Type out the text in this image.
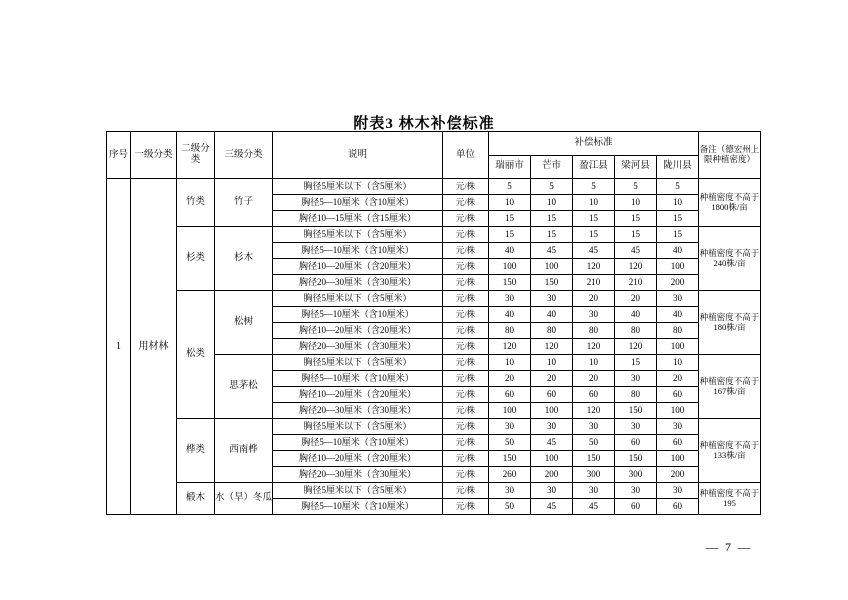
附表3 林木补偿标准
序号	一级分类	二级分类	三级分类	说明	单位	补偿标准					备注（德宏州上限种植密度）
						瑞丽市	芒市	盈江县	梁河县	陇川县	
1	用材林	竹类	竹子	胸径5厘米以下（含5厘米）	元/株	5	5	5	5	5	种植密度不高于1800株/亩
				胸径5—10厘米（含10厘米）	元/株	10	10	10	10	10	
				胸径10—15厘米（含15厘米）	元/株	15	15	15	15	15	
		杉类	杉木	胸径5厘米以下（含5厘米）	元/株	15	15	15	15	15	种植密度不高于240株/亩
				胸径5—10厘米（含10厘米）	元/株	40	45	45	45	40	
				胸径10—20厘米（含20厘米）	元/株	100	100	120	120	100	
				胸径20—30厘米（含30厘米）	元/株	150	150	210	210	200	
		松类	松树	胸径5厘米以下（含5厘米）	元/株	30	30	20	20	30	种植密度不高于180株/亩
				胸径5—10厘米（含10厘米）	元/株	40	40	30	40	40	
				胸径10—20厘米（含20厘米）	元/株	80	80	80	80	80	
				胸径20—30厘米（含30厘米）	元/株	120	120	120	120	100	
			思茅松	胸径5厘米以下（含5厘米）	元/株	10	10	10	15	10	种植密度不高于167株/亩
				胸径5—10厘米（含10厘米）	元/株	20	20	20	30	20	
				胸径10—20厘米（含20厘米）	元/株	60	60	60	80	60	
				胸径20—30厘米（含30厘米）	元/株	100	100	120	150	100	
		桦类	西南桦	胸径5厘米以下（含5厘米）	元/株	30	30	30	30	30	种植密度不高于133株/亩
				胸径5—10厘米（含10厘米）	元/株	50	45	50	60	60	
				胸径10—20厘米（含20厘米）	元/株	150	100	150	150	100	
				胸径20—30厘米（含30厘米）	元/株	260	200	300	300	200	
		椴木	水（旱）冬瓜	胸径5厘米以下（含5厘米）	元/株	30	30	30	30	30	种植密度不高于195
				胸径5—10厘米（含10厘米）	元/株	50	45	45	60	60	
— 7 —
